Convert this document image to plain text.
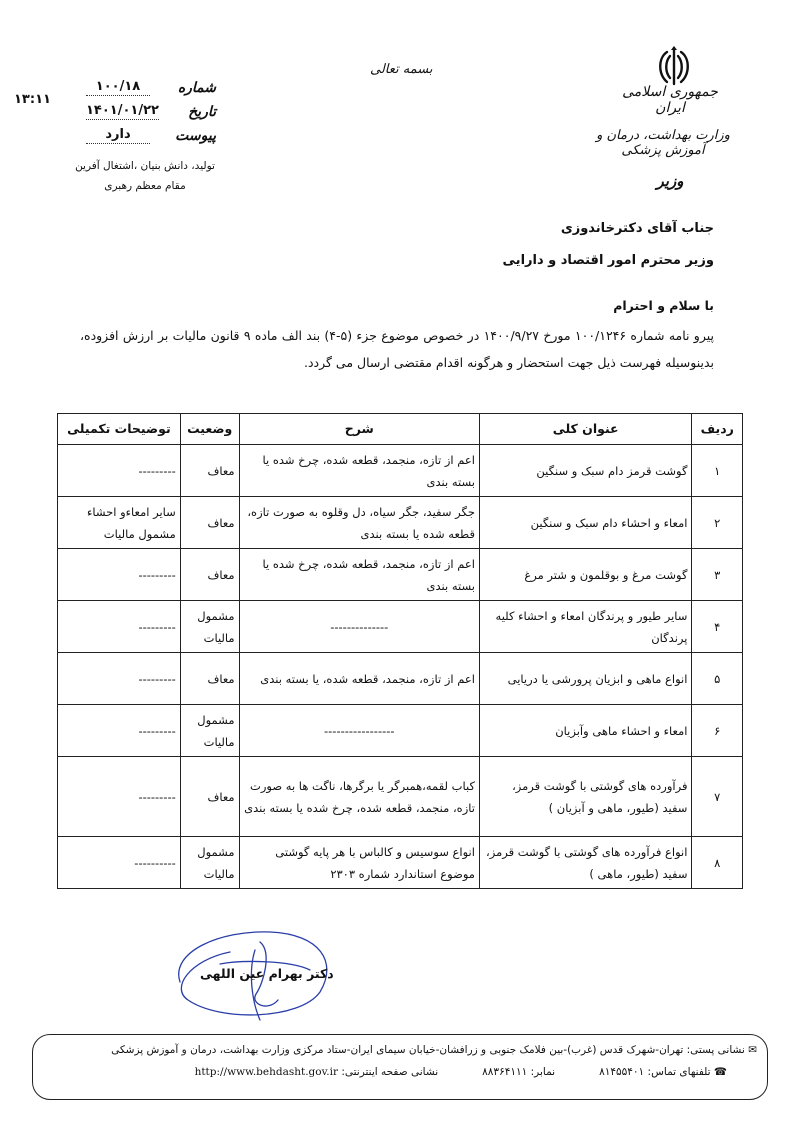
۱۳:۱۱
شماره
۱۰۰/۱۸
تاریخ
۱۴۰۱/۰۱/۲۲
پیوست
دارد
تولید، دانش بنیان ،اشتغال آفرین
مقام معظم رهبری
بسمه تعالی
جمهوری اسلامی ایران
وزارت بهداشت، درمان و آموزش پزشکی
وزیر
جناب آقای دکترخاندوزی
وزیر محترم امور اقتصاد و دارایی
با سلام و احترام
پیرو نامه شماره ۱۰۰/۱۲۴۶ مورخ ۱۴۰۰/۹/۲۷ در خصوص موضوع جزء (۵-۴) بند الف ماده ۹ قانون مالیات بر ارزش افزوده، بدینوسیله فهرست ذیل جهت استحضار و هرگونه اقدام مقتضی ارسال می گردد.
ردیف	عنوان کلی	شرح	وضعیت	توضیحات تکمیلی
۱	گوشت قرمز دام سبک و سنگین	اعم از تازه، منجمد، قطعه شده، چرخ شده یا بسته بندی	معاف	---------
۲	امعاء و احشاء دام سبک و سنگین	جگر سفید، جگر سیاه، دل وقلوه به صورت تازه، قطعه شده یا بسته بندی	معاف	سایر امعاءو احشاء مشمول مالیات
۳	گوشت مرغ و بوقلمون و شتر مرغ	اعم از تازه، منجمد، قطعه شده، چرخ شده یا بسته بندی	معاف	---------
۴	سایر طیور و پرندگان امعاء و احشاء کلیه پرندگان	--------------	مشمول مالیات	---------
۵	انواع ماهی و ابزیان پرورشی یا دریایی	اعم از تازه، منجمد، قطعه شده، یا بسته بندی	معاف	---------
۶	امعاء و احشاء ماهی وآبزیان	-----------------	مشمول مالیات	---------
۷	فرآورده های گوشتی با گوشت قرمز، سفید (طیور، ماهی و آبزیان )	کباب لقمه،همبرگر یا برگرها، ناگت ها به صورت تازه، منجمد، قطعه شده، چرخ شده یا بسته بندی	معاف	---------
۸	انواع فرآورده های گوشتی با گوشت قرمز، سفید (طیور، ماهی )	انواع سوسیس و کالباس با هر پایه گوشتی موضوع استاندارد شماره ۲۳۰۳	مشمول مالیات	----------
دکتر بهرام عین اللهی
✉ نشانی پستی: تهران-شهرک قدس (غرب)-بین فلامک جنوبی و زرافشان-خیابان سیمای ایران-ستاد مرکزی وزارت بهداشت، درمان و آموزش پزشکی
☎ تلفنهای تماس: ۸۱۴۵۵۴۰۱
نمابر: ۸۸۳۶۴۱۱۱
نشانی صفحه اینترنتی: http://www.behdasht.gov.ir
